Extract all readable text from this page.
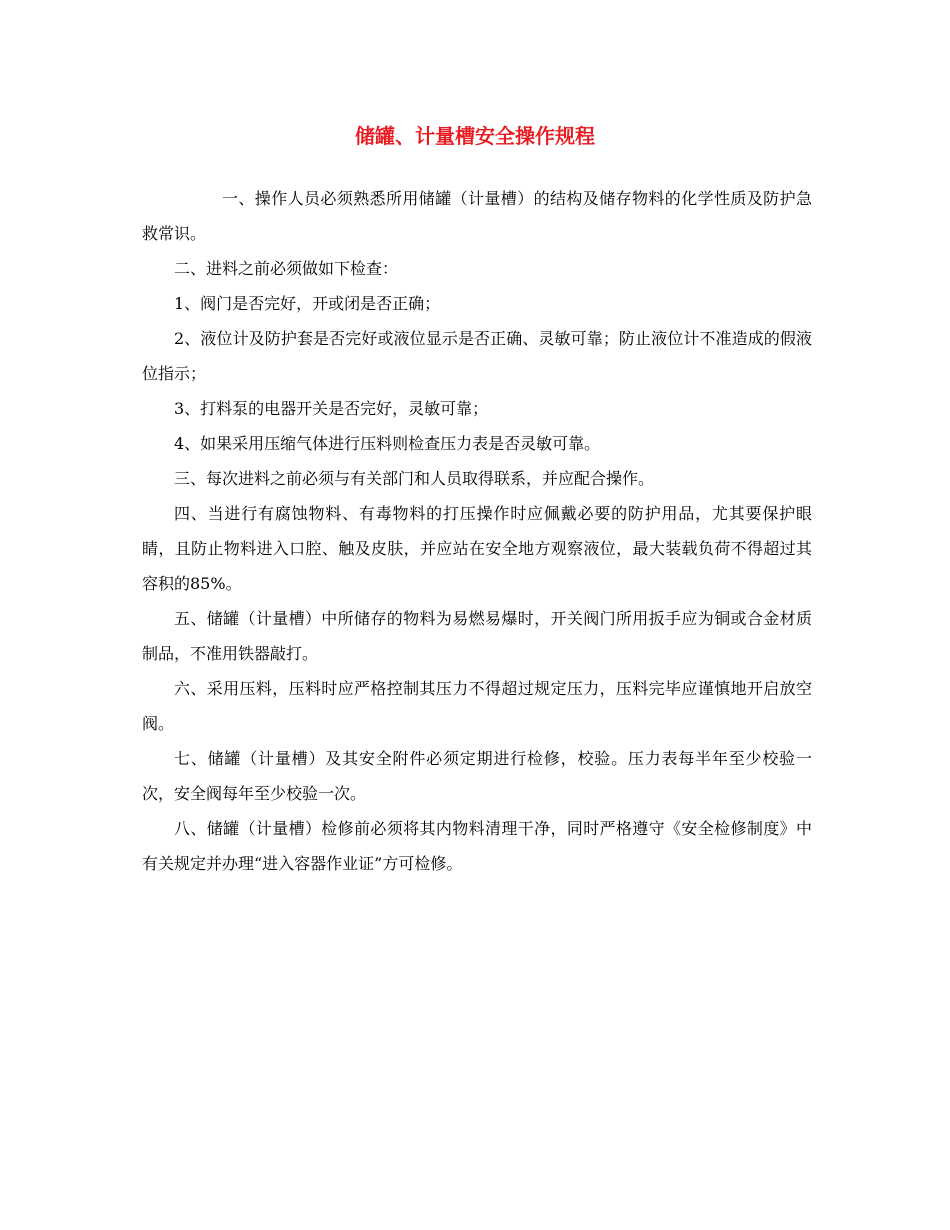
储罐、计量槽安全操作规程

一、操作人员必须熟悉所用储罐（计量槽）的结构及储存物料的化学性质及防护急救常识。

二、进料之前必须做如下检查：

1、阀门是否完好，开或闭是否正确；

2、液位计及防护套是否完好或液位显示是否正确、灵敏可靠；防止液位计不准造成的假液位指示；

3、打料泵的电器开关是否完好，灵敏可靠；

4、如果采用压缩气体进行压料则检查压力表是否灵敏可靠。

三、每次进料之前必须与有关部门和人员取得联系，并应配合操作。

四、当进行有腐蚀物料、有毒物料的打压操作时应佩戴必要的防护用品，尤其要保护眼睛，且防止物料进入口腔、触及皮肤，并应站在安全地方观察液位，最大装载负荷不得超过其容积的85%。

五、储罐（计量槽）中所储存的物料为易燃易爆时，开关阀门所用扳手应为铜或合金材质制品，不准用铁器敲打。

六、采用压料，压料时应严格控制其压力不得超过规定压力，压料完毕应谨慎地开启放空阀。

七、储罐（计量槽）及其安全附件必须定期进行检修，校验。压力表每半年至少校验一次，安全阀每年至少校验一次。

八、储罐（计量槽）检修前必须将其内物料清理干净，同时严格遵守《安全检修制度》中有关规定并办理“进入容器作业证”方可检修。
